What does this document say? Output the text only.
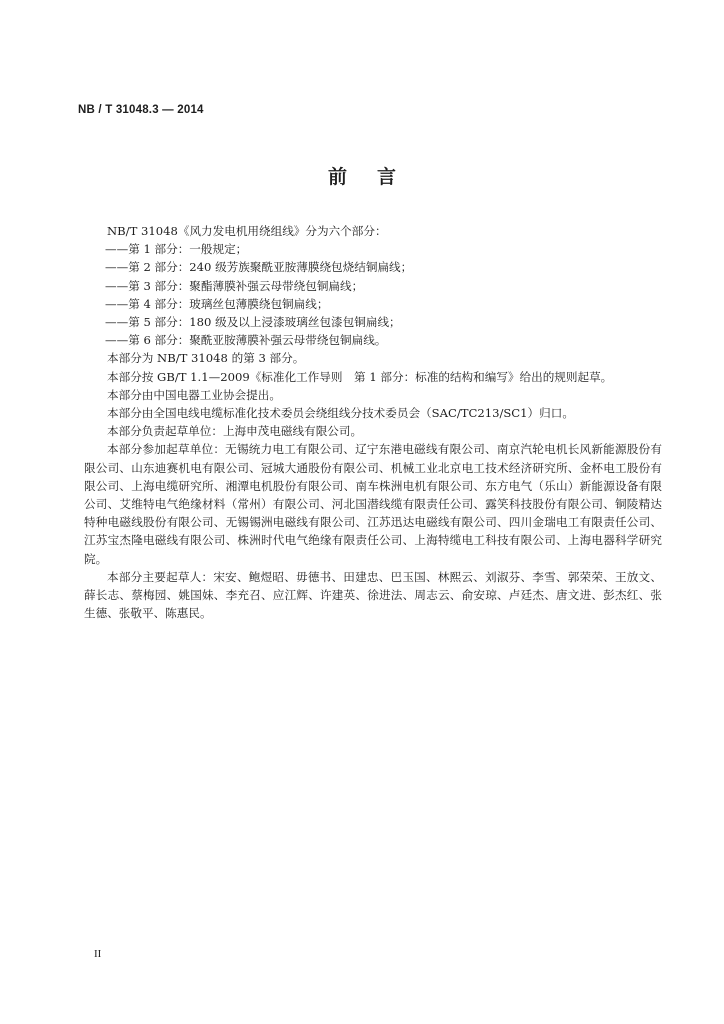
NB / T 31048.3 — 2014
前 言

NB/T 31048《风力发电机用绕组线》分为六个部分：

——第 1 部分：一般规定；

——第 2 部分：240 级芳族聚酰亚胺薄膜绕包烧结铜扁线；

——第 3 部分：聚酯薄膜补强云母带绕包铜扁线；

——第 4 部分：玻璃丝包薄膜绕包铜扁线；

——第 5 部分：180 级及以上浸漆玻璃丝包漆包铜扁线；

——第 6 部分：聚酰亚胺薄膜补强云母带绕包铜扁线。

本部分为 NB/T 31048 的第 3 部分。

本部分按 GB/T 1.1—2009《标准化工作导则　第 1 部分：标准的结构和编写》给出的规则起草。

本部分由中国电器工业协会提出。

本部分由全国电线电缆标准化技术委员会绕组线分技术委员会（SAC/TC213/SC1）归口。

本部分负责起草单位：上海申茂电磁线有限公司。

本部分参加起草单位：无锡统力电工有限公司、辽宁东港电磁线有限公司、南京汽轮电机长风新能源股份有限公司、山东迪赛机电有限公司、冠城大通股份有限公司、机械工业北京电工技术经济研究所、金杯电工股份有限公司、上海电缆研究所、湘潭电机股份有限公司、南车株洲电机有限公司、东方电气（乐山）新能源设备有限公司、艾维特电气绝缘材料（常州）有限公司、河北国潜线缆有限责任公司、露笑科技股份有限公司、铜陵精达特种电磁线股份有限公司、无锡锡洲电磁线有限公司、江苏迅达电磁线有限公司、四川金瑞电工有限责任公司、江苏宝杰隆电磁线有限公司、株洲时代电气绝缘有限责任公司、上海特缆电工科技有限公司、上海电器科学研究院。

本部分主要起草人：宋安、鲍煜昭、毋德书、田建忠、巴玉国、林熙云、刘淑芬、李雪、郭荣荣、王放文、薛长志、蔡梅园、姚国妹、李充召、应江辉、许建英、徐进法、周志云、俞安琼、卢廷杰、唐文进、彭杰红、张生德、张敬平、陈惠民。

II
